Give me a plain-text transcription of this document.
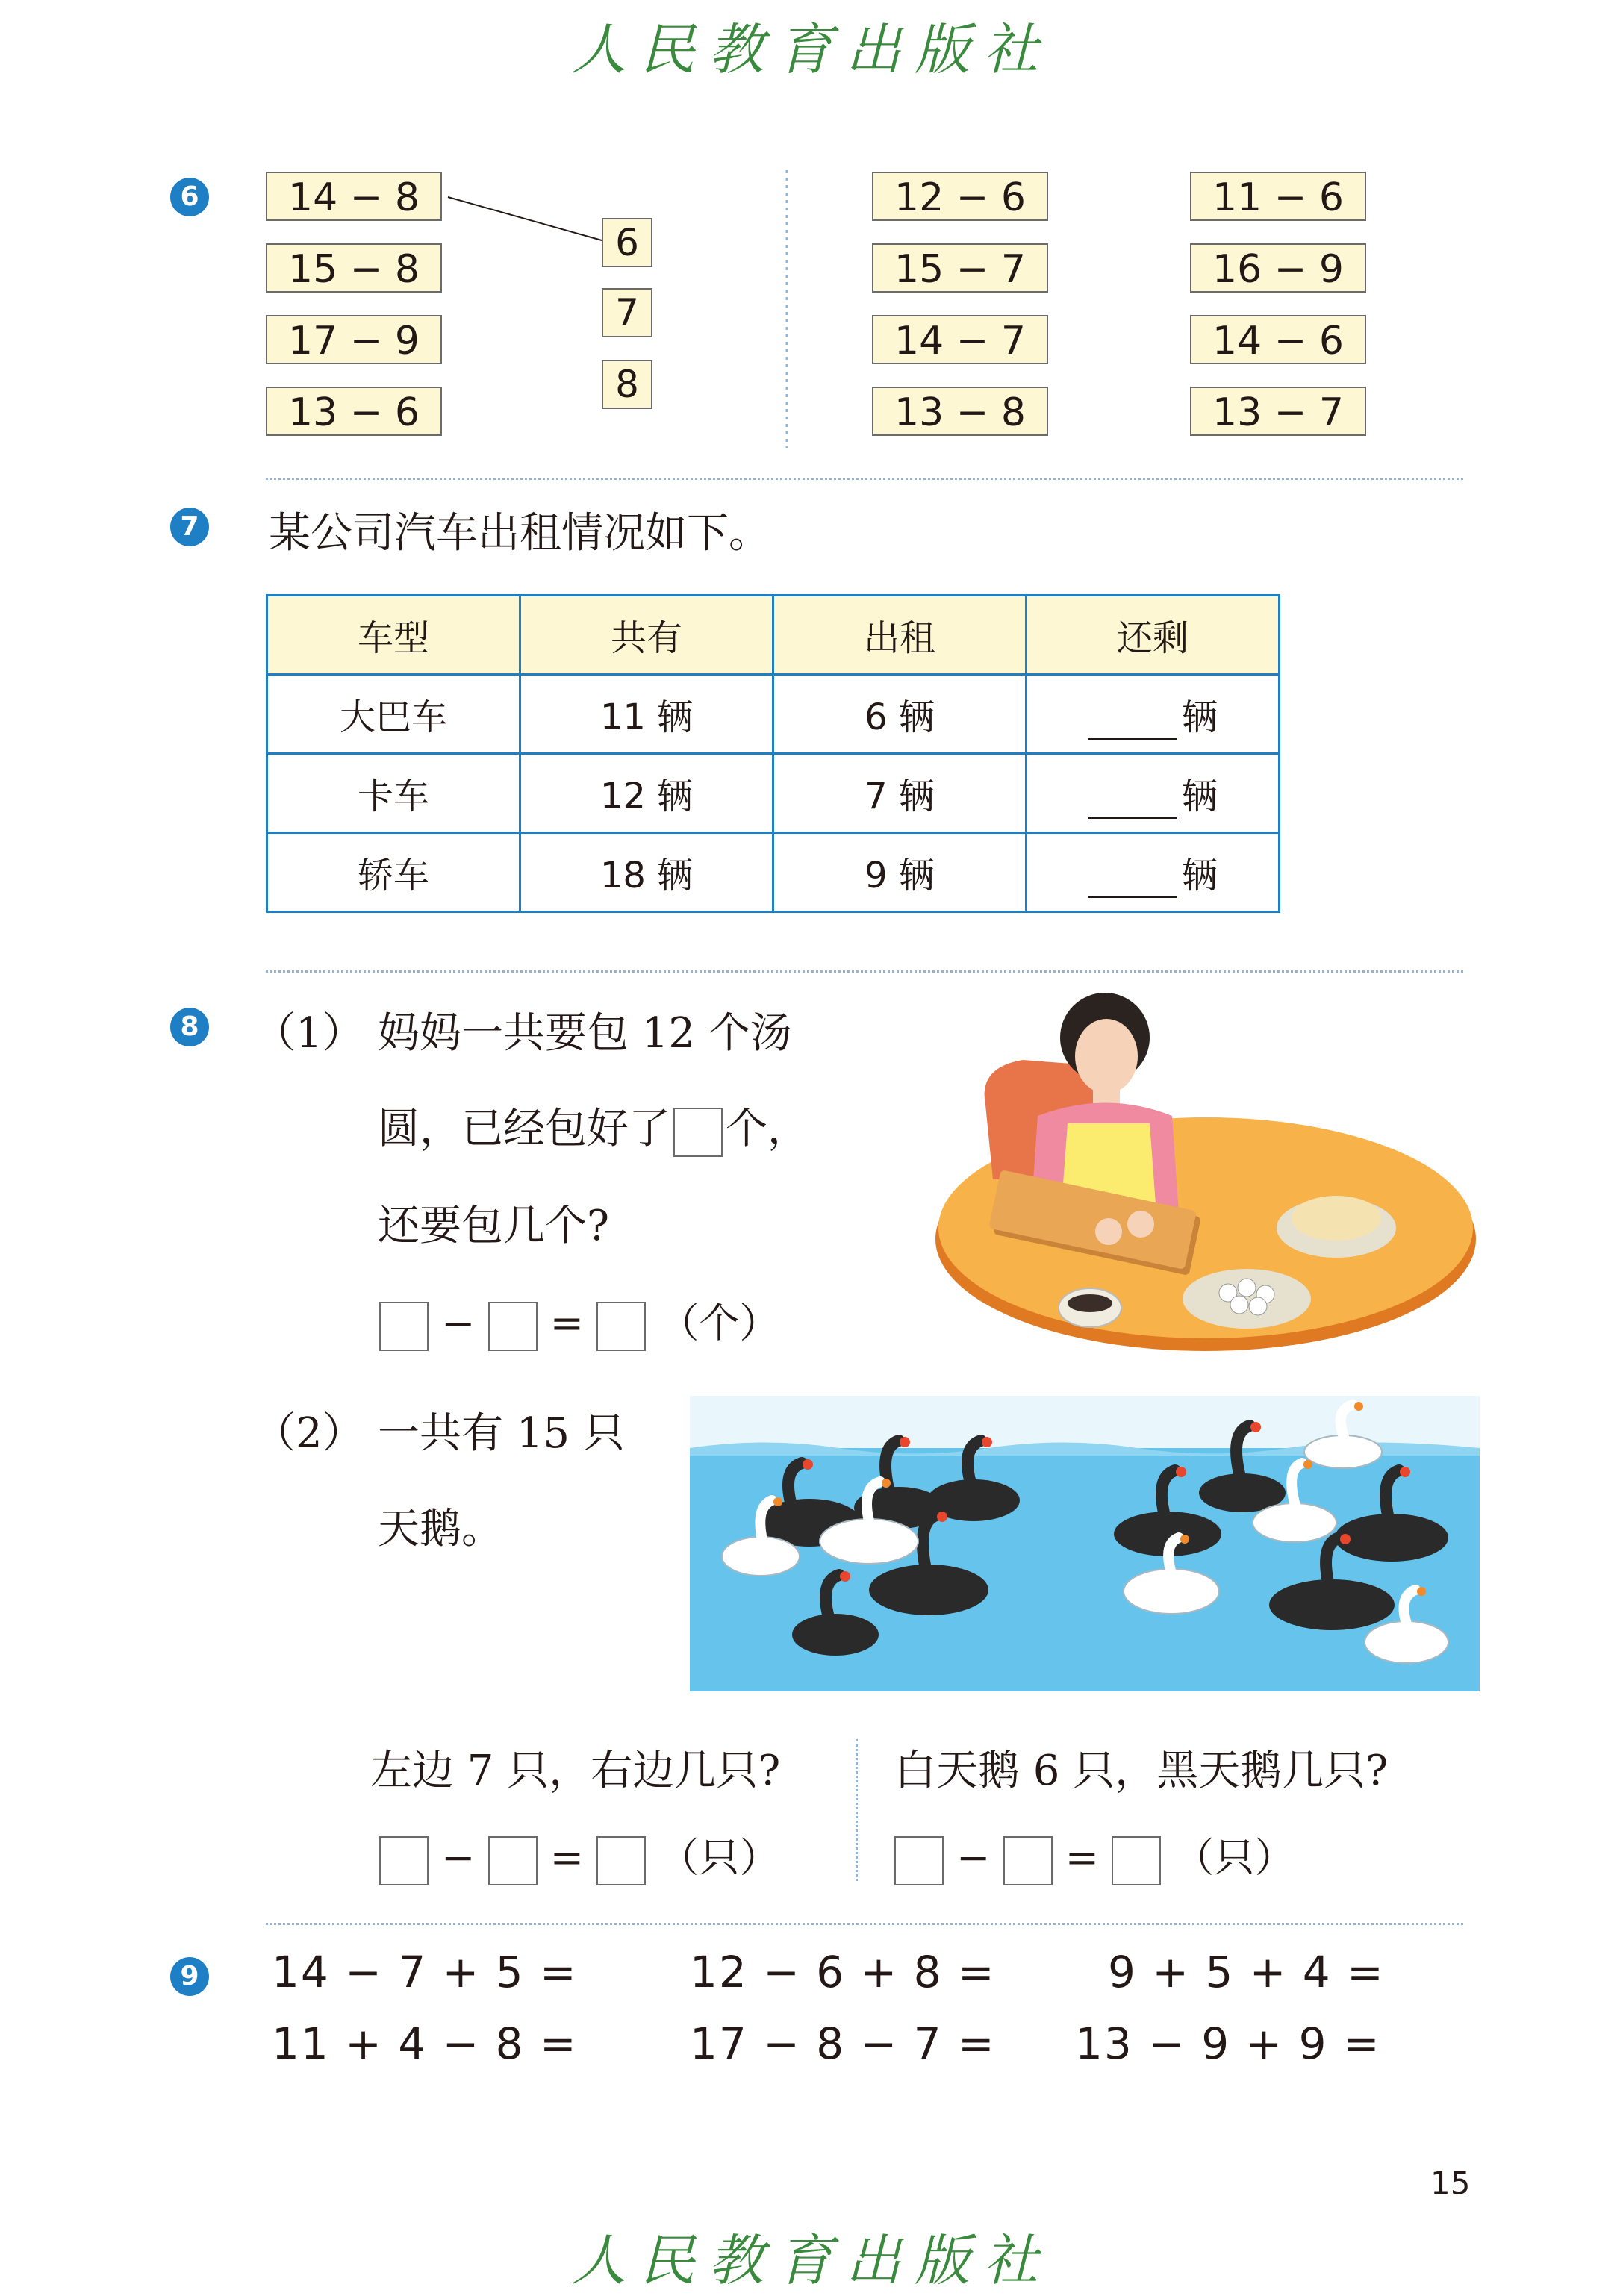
人民教育出版社
6	14 − 8
15 − 8
17 − 9
13 − 6
6
7
8
12 − 6
15 − 7
14 − 7
13 − 8
11 − 6
16 − 9
14 − 6
13 − 7
7 某公司汽车出租情况如下。
车型	共有	出租	还剩
大巴车	11 辆	6 辆	辆
卡车	12 辆	7 辆	辆
轿车	18 辆	9 辆	辆
8 （1） 妈妈一共要包 12 个汤
圆，已经包好了 个，
还要包几个?
− = （个）
（2） 一共有 15 只
天鹅。
左边 7 只，右边几只?	白天鹅 6 只，黑天鹅几只?
− = （只）	− = （只）
9 14 − 7 + 5 =	12 − 6 + 8 =	9 + 5 + 4 =
11 + 4 − 8 =	17 − 8 − 7 = 13 − 9 + 9 =
15
人民教育出版社
